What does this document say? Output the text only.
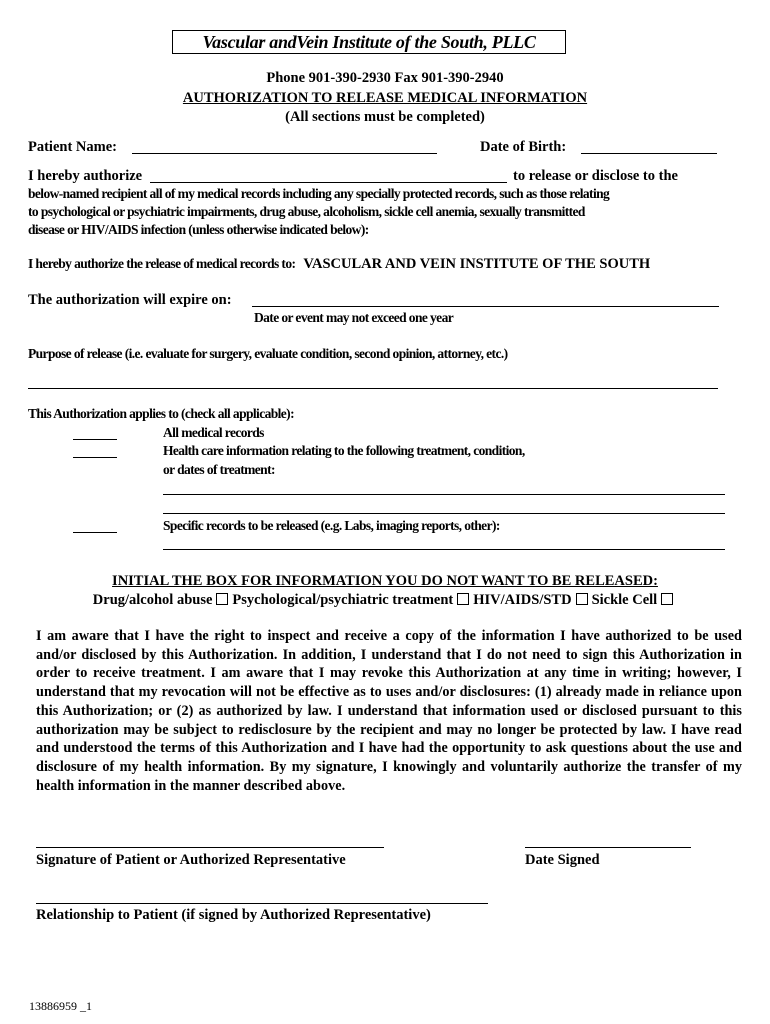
Vascular andVein Institute of the South, PLLC
Phone 901-390-2930 Fax 901-390-2940
AUTHORIZATION TO RELEASE MEDICAL INFORMATION
(All sections must be completed)
Patient Name:	Date of Birth:
I hereby authorize	to release or disclose to the
below-named recipient all of my medical records including any specially protected records, such as those relating
to psychological or psychiatric impairments, drug abuse, alcoholism, sickle cell anemia, sexually transmitted
disease or HIV/AIDS infection (unless otherwise indicated below):
I hereby authorize the release of medical records to: VASCULAR AND VEIN INSTITUTE OF THE SOUTH
The authorization will expire on:
Date or event may not exceed one year
Purpose of release (i.e. evaluate for surgery, evaluate condition, second opinion, attorney, etc.)
This Authorization applies to (check all applicable):
All medical records
Health care information relating to the following treatment, condition,
or dates of treatment:
Specific records to be released (e.g. Labs, imaging reports, other):
INITIAL THE BOX FOR INFORMATION YOU DO NOT WANT TO BE RELEASED:
Drug/alcohol abuse Psychological/psychiatric treatment HIV/AIDS/STD Sickle Cell
I am aware that I have the right to inspect and receive a copy of the information I have authorized to be used and/or disclosed by this Authorization. In addition, I understand that I do not need to sign this Authorization in order to receive treatment. I am aware that I may revoke this Authorization at any time in writing; however, I understand that my revocation will not be effective as to uses and/or disclosures: (1) already made in reliance upon this Authorization; or (2) as authorized by law. I understand that information used or disclosed pursuant to this authorization may be subject to redisclosure by the recipient and may no longer be protected by law. I have read and understood the terms of this Authorization and I have had the opportunity to ask questions about the use and disclosure of my health information. By my signature, I knowingly and voluntarily authorize the transfer of my health information in the manner described above.
Signature of Patient or Authorized Representative	Date Signed
Relationship to Patient (if signed by Authorized Representative)
13886959 _1
